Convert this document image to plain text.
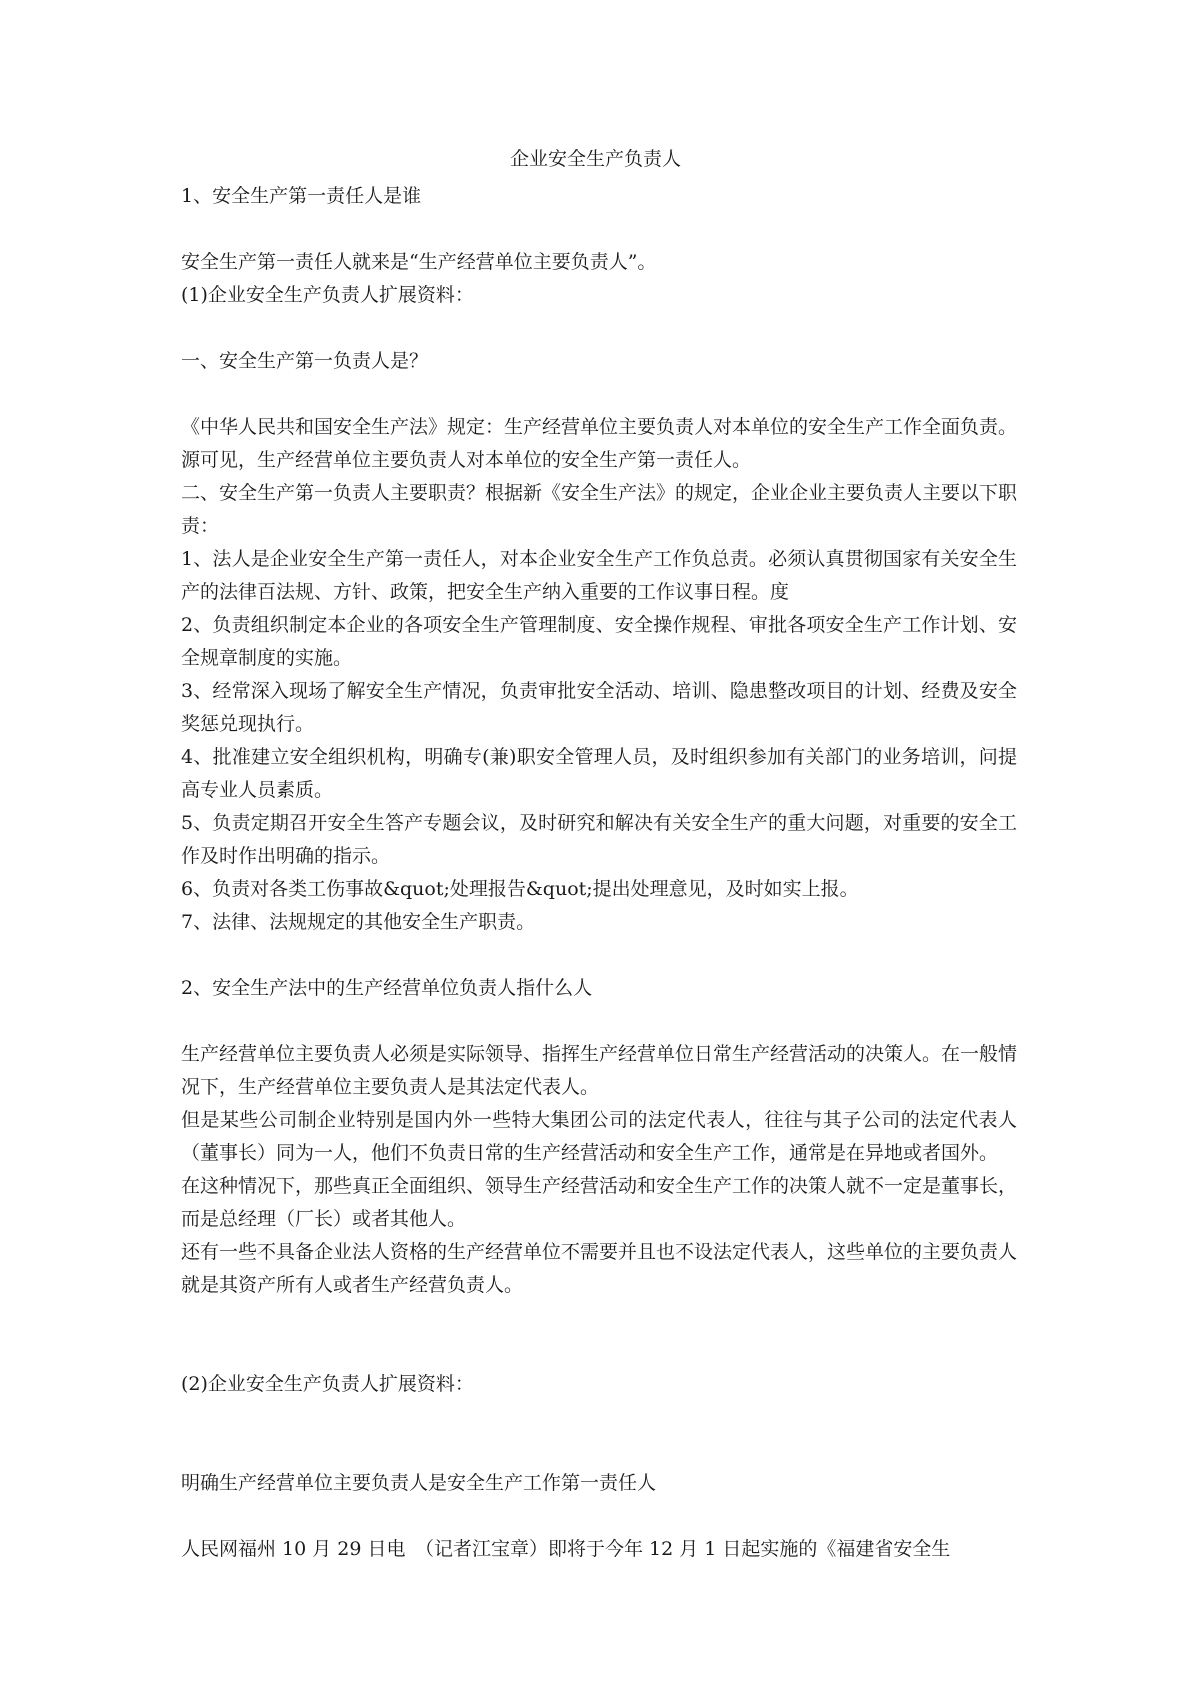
企业安全生产负责人

1、安全生产第一责任人是谁

安全生产第一责任人就来是“生产经营单位主要负责人”。

(1)企业安全生产负责人扩展资料：

一、安全生产第一负责人是？

《中华人民共和国安全生产法》规定：生产经营单位主要负责人对本单位的安全生产工作全面负责。源可见，生产经营单位主要负责人对本单位的安全生产第一责任人。

二、安全生产第一负责人主要职责？根据新《安全生产法》的规定，企业企业主要负责人主要以下职责：

1、法人是企业安全生产第一责任人，对本企业安全生产工作负总责。必须认真贯彻国家有关安全生产的法律百法规、方针、政策，把安全生产纳入重要的工作议事日程。度

2、负责组织制定本企业的各项安全生产管理制度、安全操作规程、审批各项安全生产工作计划、安全规章制度的实施。

3、经常深入现场了解安全生产情况，负责审批安全活动、培训、隐患整改项目的计划、经费及安全奖惩兑现执行。

4、批准建立安全组织机构，明确专(兼)职安全管理人员，及时组织参加有关部门的业务培训，问提高专业人员素质。

5、负责定期召开安全生答产专题会议，及时研究和解决有关安全生产的重大问题，对重要的安全工作及时作出明确的指示。

6、负责对各类工伤事故&quot;处理报告&quot;提出处理意见，及时如实上报。

7、法律、法规规定的其他安全生产职责。

2、安全生产法中的生产经营单位负责人指什么人

生产经营单位主要负责人必须是实际领导、指挥生产经营单位日常生产经营活动的决策人。在一般情况下，生产经营单位主要负责人是其法定代表人。

但是某些公司制企业特别是国内外一些特大集团公司的法定代表人，往往与其子公司的法定代表人（董事长）同为一人，他们不负责日常的生产经营活动和安全生产工作，通常是在异地或者国外。

在这种情况下，那些真正全面组织、领导生产经营活动和安全生产工作的决策人就不一定是董事长，而是总经理（厂长）或者其他人。

还有一些不具备企业法人资格的生产经营单位不需要并且也不设法定代表人，这些单位的主要负责人就是其资产所有人或者生产经营负责人。

(2)企业安全生产负责人扩展资料：

明确生产经营单位主要负责人是安全生产工作第一责任人

人民网福州 10 月 29 日电　（记者江宝章）即将于今年 12 月 1 日起实施的《福建省安全生
